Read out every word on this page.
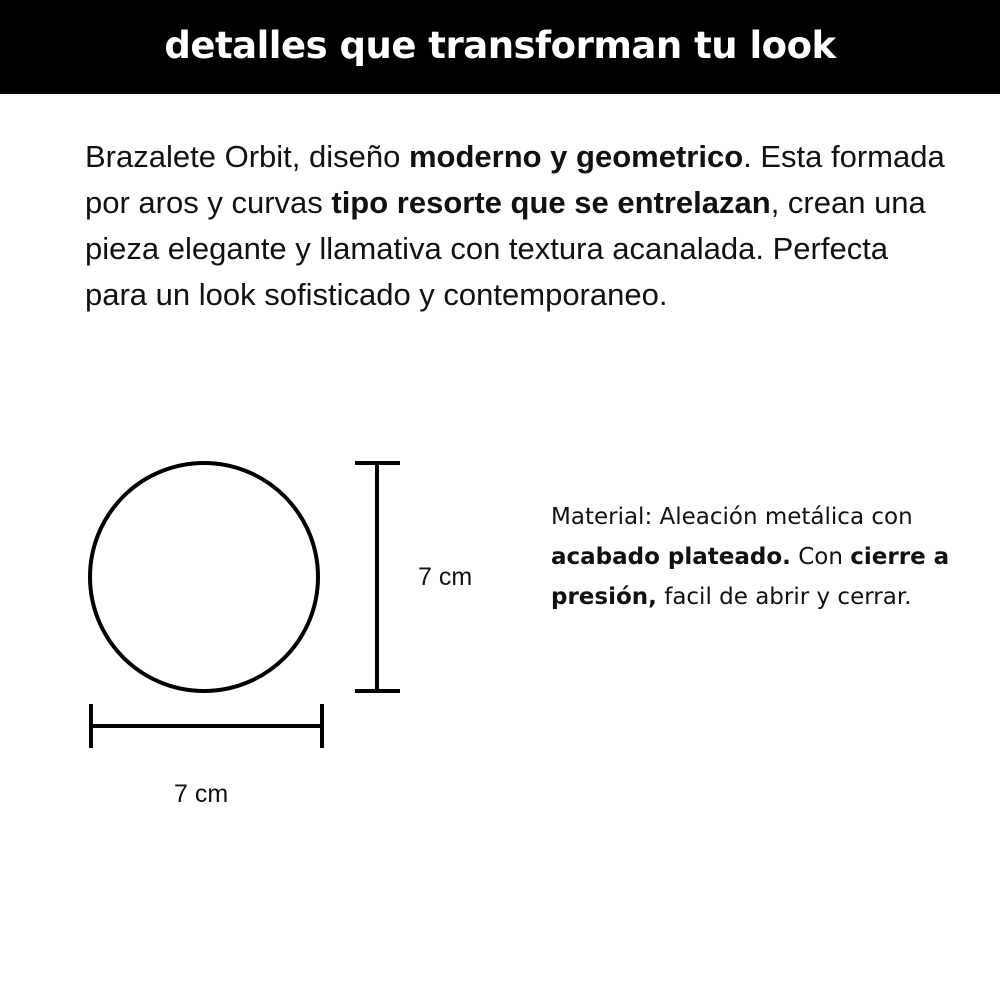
detalles que transforman tu look

Brazalete Orbit, diseño moderno y geometrico. Esta formada por aros y curvas tipo resorte que se entrelazan, crean una pieza elegante y llamativa con textura acanalada. Perfecta para un look sofisticado y contemporaneo.

7 cm
7 cm

Material: Aleación metálica con acabado plateado. Con cierre a presión, facil de abrir y cerrar.
